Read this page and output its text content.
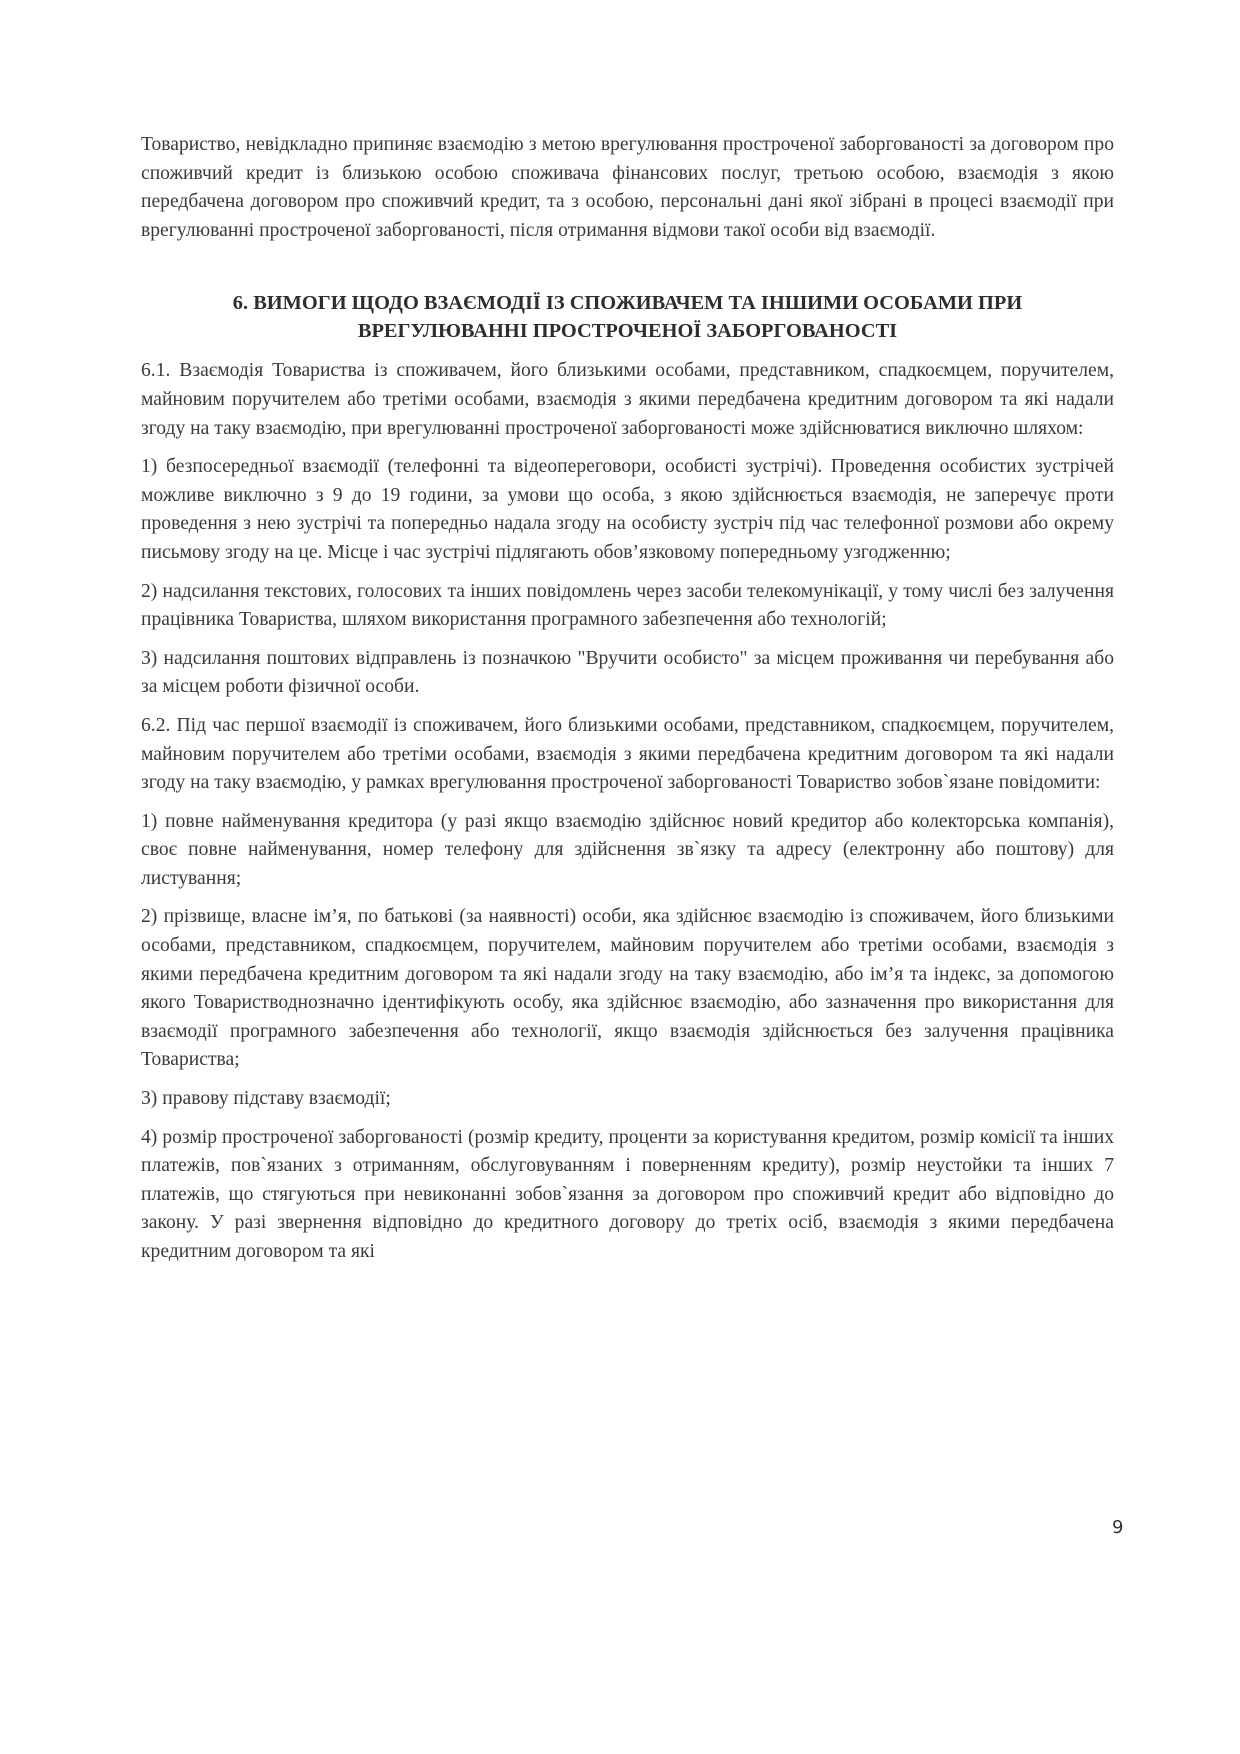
Товариство, невідкладно припиняє взаємодію з метою врегулювання простроченої заборгованості за договором про споживчий кредит із близькою особою споживача фінансових послуг, третьою особою, взаємодія з якою передбачена договором про споживчий кредит, та з особою, персональні дані якої зібрані в процесі взаємодії при врегулюванні простроченої заборгованості, після отримання відмови такої особи від взаємодії.

6. ВИМОГИ ЩОДО ВЗАЄМОДІЇ ІЗ СПОЖИВАЧЕМ ТА ІНШИМИ ОСОБАМИ ПРИ
ВРЕГУЛЮВАННІ ПРОСТРОЧЕНОЇ ЗАБОРГОВАНОСТІ

6.1. Взаємодія Товариства із споживачем, його близькими особами, представником, спадкоємцем, поручителем, майновим поручителем або третіми особами, взаємодія з якими передбачена кредитним договором та які надали згоду на таку взаємодію, при врегулюванні простроченої заборгованості може здійснюватися виключно шляхом:

1) безпосередньої взаємодії (телефонні та відеопереговори, особисті зустрічі). Проведення особистих зустрічей можливе виключно з 9 до 19 години, за умови що особа, з якою здійснюється взаємодія, не заперечує проти проведення з нею зустрічі та попередньо надала згоду на особисту зустріч під час телефонної розмови або окрему письмову згоду на це. Місце і час зустрічі підлягають обов’язковому попередньому узгодженню;

2) надсилання текстових, голосових та інших повідомлень через засоби телекомунікації, у тому числі без залучення працівника Товариства, шляхом використання програмного забезпечення або технологій;

3) надсилання поштових відправлень із позначкою "Вручити особисто" за місцем проживання чи перебування або за місцем роботи фізичної особи.

6.2. Під час першої взаємодії із споживачем, його близькими особами, представником, спадкоємцем, поручителем, майновим поручителем або третіми особами, взаємодія з якими передбачена кредитним договором та які надали згоду на таку взаємодію, у рамках врегулювання простроченої заборгованості Товариство зобов`язане повідомити:

1) повне найменування кредитора (у разі якщо взаємодію здійснює новий кредитор або колекторська компанія), своє повне найменування, номер телефону для здійснення зв`язку та адресу (електронну або поштову) для листування;

2) прізвище, власне ім’я, по батькові (за наявності) особи, яка здійснює взаємодію із споживачем, його близькими особами, представником, спадкоємцем, поручителем, майновим поручителем або третіми особами, взаємодія з якими передбачена кредитним договором та які надали згоду на таку взаємодію, або ім’я та індекс, за допомогою якого Товаристводнозначно ідентифікують особу, яка здійснює взаємодію, або зазначення про використання для взаємодії програмного забезпечення або технології, якщо взаємодія здійснюється без залучення працівника Товариства;

3) правову підставу взаємодії;

4) розмір простроченої заборгованості (розмір кредиту, проценти за користування кредитом, розмір комісії та інших платежів, пов`язаних з отриманням, обслуговуванням і поверненням кредиту), розмір неустойки та інших 7 платежів, що стягуються при невиконанні зобов`язання за договором про споживчий кредит або відповідно до закону. У разі звернення відповідно до кредитного договору до третіх осіб, взаємодія з якими передбачена кредитним договором та які

9
